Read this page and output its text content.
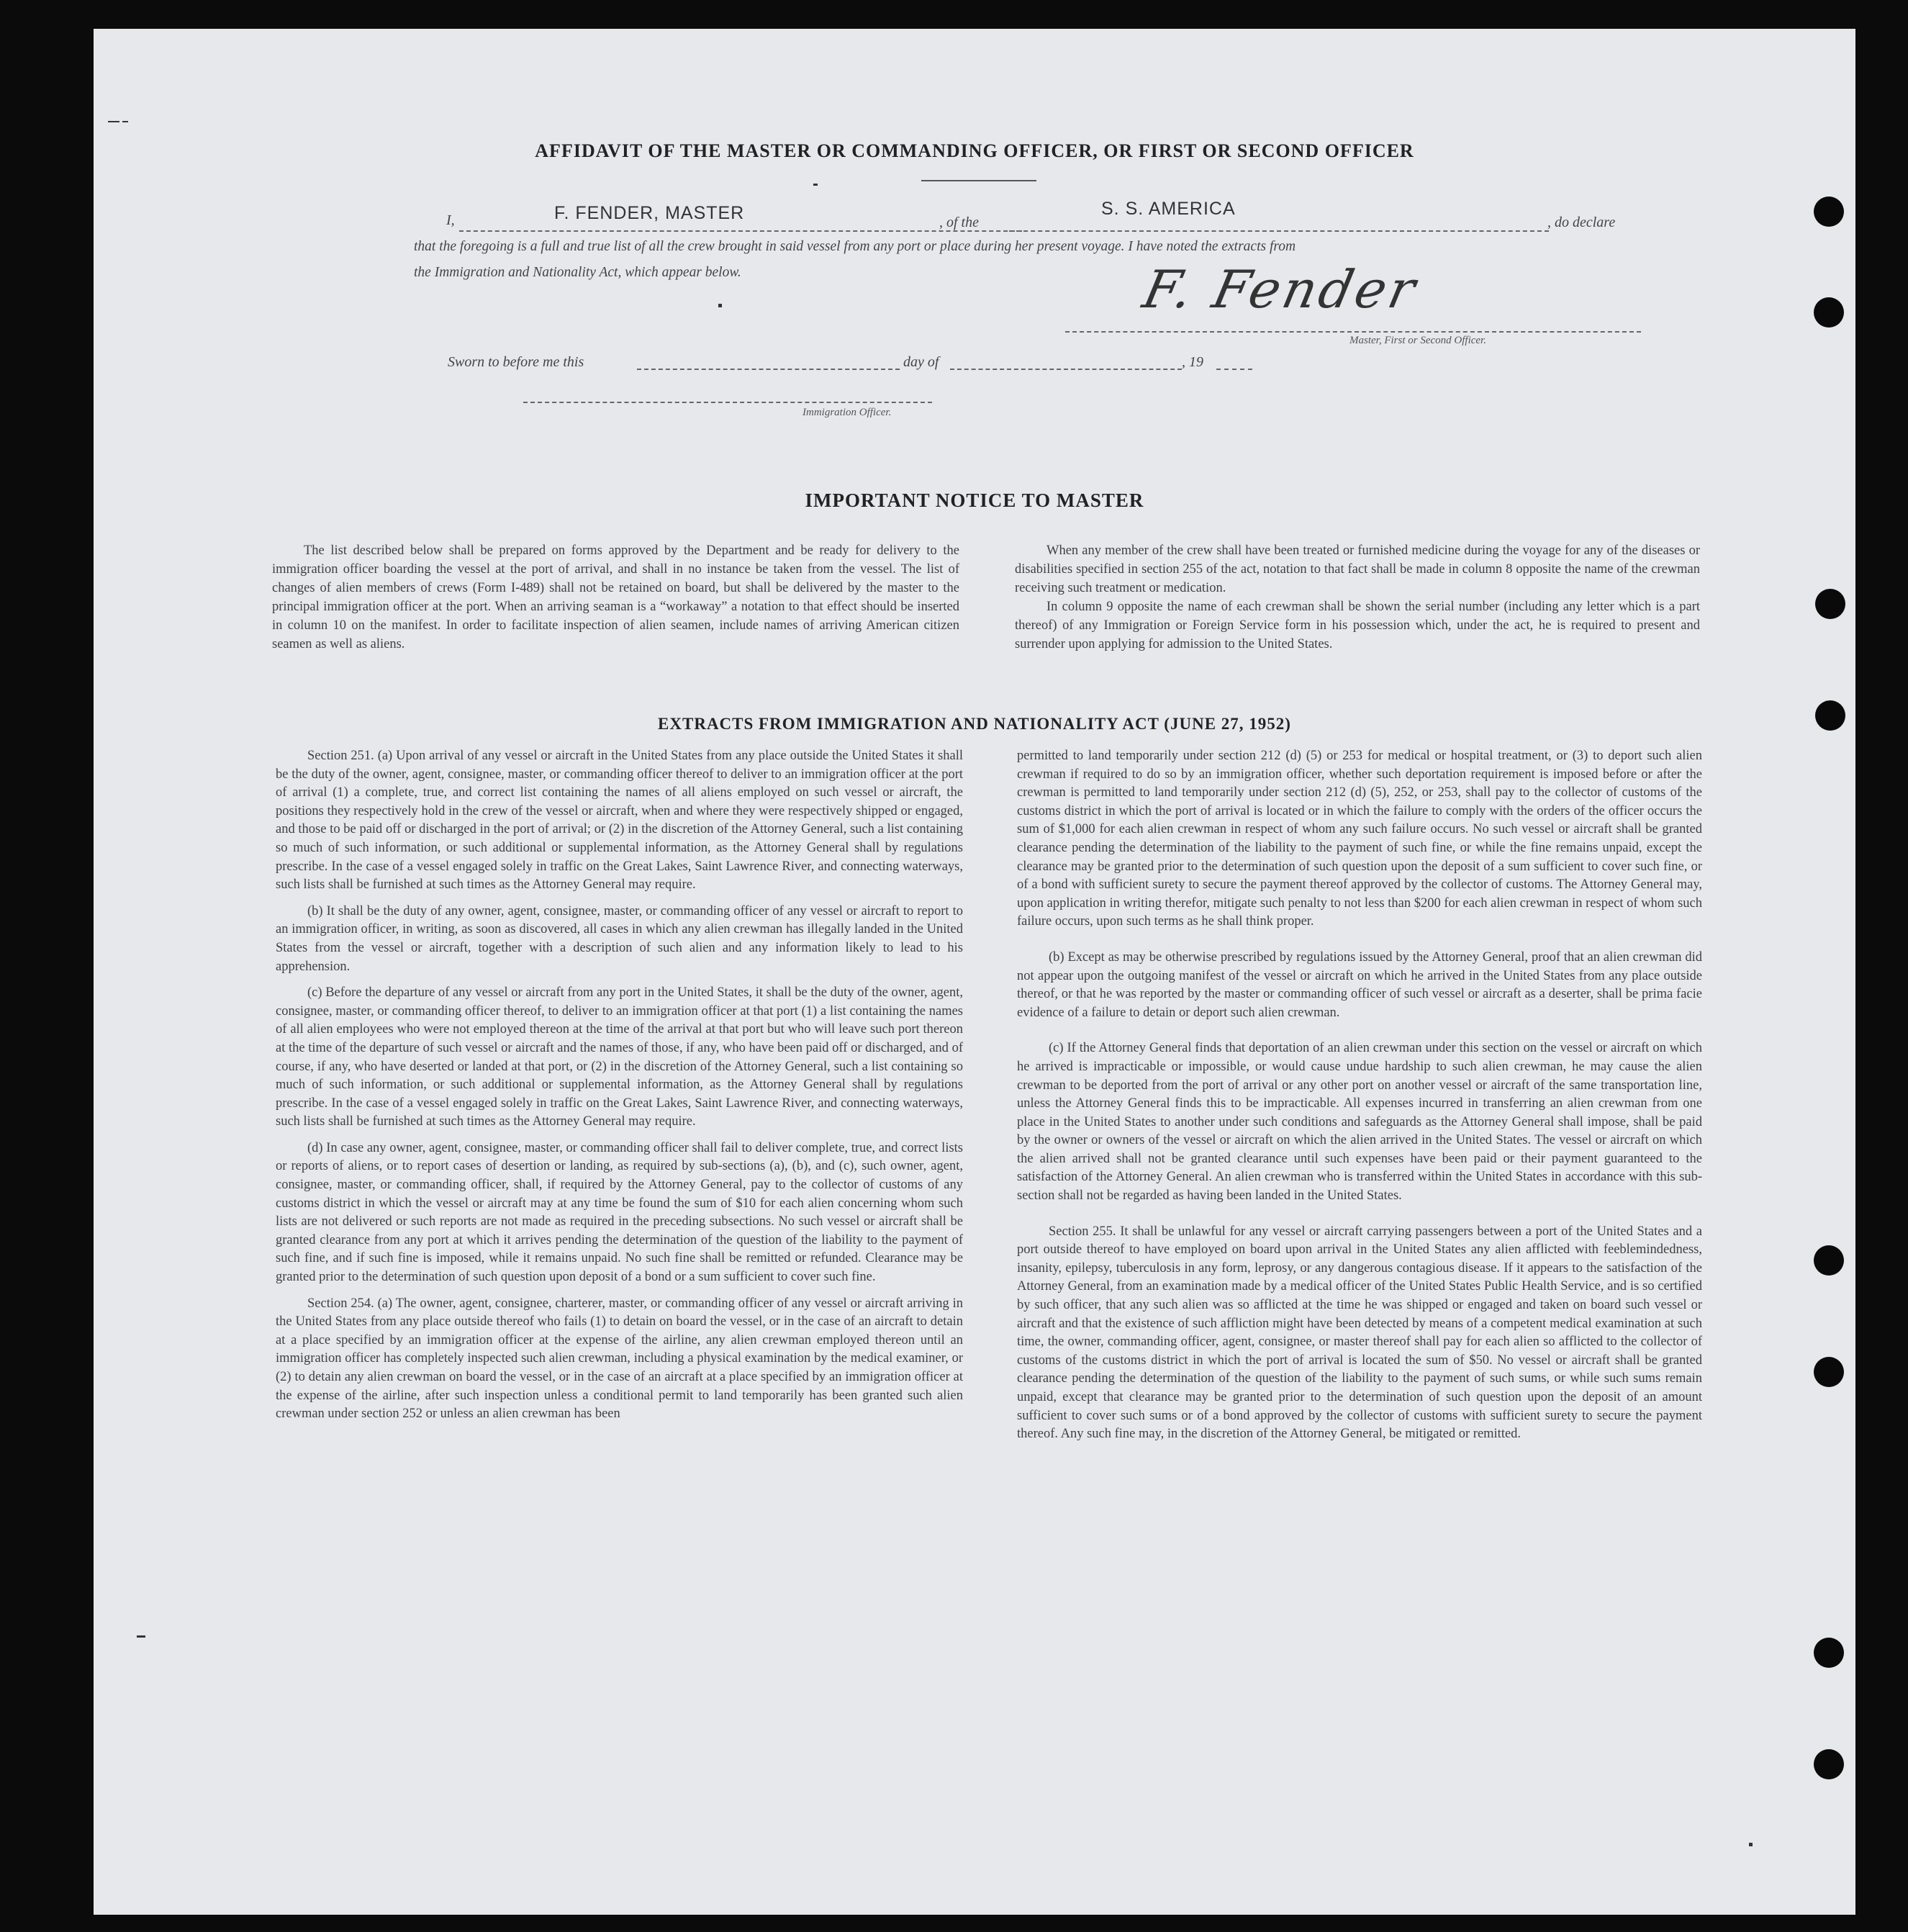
AFFIDAVIT OF THE MASTER OR COMMANDING OFFICER, OR FIRST OR SECOND OFFICER
I,	F. FENDER, MASTER	, of the
S. S. AMERICA
, do declare
that the foregoing is a full and true list of all the crew brought in said vessel from any port or place during her present voyage. I have noted the extracts from
the Immigration and Nationality Act, which appear below.	F. Fender
Master, First or Second Officer.
Sworn to before me this	day of	, 19
Immigration Officer.
IMPORTANT NOTICE TO MASTER

The list described below shall be prepared on forms approved by the Department and be ready for delivery to the immigration officer boarding the vessel at the port of arrival, and shall in no instance be taken from the vessel. The list of changes of alien members of crews (Form I-489) shall not be retained on board, but shall be delivered by the master to the principal immigration officer at the port. When an arriving seaman is a “workaway” a notation to that effect should be inserted in column 10 on the manifest. In order to facilitate inspection of alien seamen, include names of arriving American citizen seamen as well as aliens.

When any member of the crew shall have been treated or furnished medicine during the voyage for any of the diseases or disabilities specified in section 255 of the act, notation to that fact shall be made in column 8 opposite the name of the crewman receiving such treatment or medication.

In column 9 opposite the name of each crewman shall be shown the serial number (including any letter which is a part thereof) of any Immigration or Foreign Service form in his possession which, under the act, he is required to present and surrender upon applying for admission to the United States.

EXTRACTS FROM IMMIGRATION AND NATIONALITY ACT (JUNE 27, 1952)

Section 251. (a) Upon arrival of any vessel or aircraft in the United States from any place outside the United States it shall be the duty of the owner, agent, consignee, master, or commanding officer thereof to deliver to an immigration officer at the port of arrival (1) a complete, true, and correct list containing the names of all aliens employed on such vessel or aircraft, the positions they respectively hold in the crew of the vessel or aircraft, when and where they were respectively shipped or engaged, and those to be paid off or discharged in the port of arrival; or (2) in the discretion of the Attorney General, such a list containing so much of such information, or such additional or supplemental information, as the Attorney General shall by regulations prescribe. In the case of a vessel engaged solely in traffic on the Great Lakes, Saint Lawrence River, and connecting waterways, such lists shall be furnished at such times as the Attorney General may require.

(b) It shall be the duty of any owner, agent, consignee, master, or commanding officer of any vessel or aircraft to report to an immigration officer, in writing, as soon as discovered, all cases in which any alien crewman has illegally landed in the United States from the vessel or aircraft, together with a description of such alien and any information likely to lead to his apprehension.

(c) Before the departure of any vessel or aircraft from any port in the United States, it shall be the duty of the owner, agent, consignee, master, or commanding officer thereof, to deliver to an immigration officer at that port (1) a list containing the names of all alien employees who were not employed thereon at the time of the arrival at that port but who will leave such port thereon at the time of the departure of such vessel or aircraft and the names of those, if any, who have been paid off or discharged, and of course, if any, who have deserted or landed at that port, or (2) in the discretion of the Attorney General, such a list containing so much of such information, or such additional or supplemental information, as the Attorney General shall by regulations prescribe. In the case of a vessel engaged solely in traffic on the Great Lakes, Saint Lawrence River, and connecting waterways, such lists shall be furnished at such times as the Attorney General may require.

(d) In case any owner, agent, consignee, master, or commanding officer shall fail to deliver complete, true, and correct lists or reports of aliens, or to report cases of desertion or landing, as required by sub-sections (a), (b), and (c), such owner, agent, consignee, master, or commanding officer, shall, if required by the Attorney General, pay to the collector of customs of any customs district in which the vessel or aircraft may at any time be found the sum of $10 for each alien concerning whom such lists are not delivered or such reports are not made as required in the preceding subsections. No such vessel or aircraft shall be granted clearance from any port at which it arrives pending the determination of the question of the liability to the payment of such fine, and if such fine is imposed, while it remains unpaid. No such fine shall be remitted or refunded. Clearance may be granted prior to the determination of such question upon deposit of a bond or a sum sufficient to cover such fine.

Section 254. (a) The owner, agent, consignee, charterer, master, or commanding officer of any vessel or aircraft arriving in the United States from any place outside thereof who fails (1) to detain on board the vessel, or in the case of an aircraft to detain at a place specified by an immigration officer at the expense of the airline, any alien crewman employed thereon until an immigration officer has completely inspected such alien crewman, including a physical examination by the medical examiner, or (2) to detain any alien crewman on board the vessel, or in the case of an aircraft at a place specified by an immigration officer at the expense of the airline, after such inspection unless a conditional permit to land temporarily has been granted such alien crewman under section 252 or unless an alien crewman has been

permitted to land temporarily under section 212 (d) (5) or 253 for medical or hospital treatment, or (3) to deport such alien crewman if required to do so by an immigration officer, whether such deportation requirement is imposed before or after the crewman is permitted to land temporarily under section 212 (d) (5), 252, or 253, shall pay to the collector of customs of the customs district in which the port of arrival is located or in which the failure to comply with the orders of the officer occurs the sum of $1,000 for each alien crewman in respect of whom any such failure occurs. No such vessel or aircraft shall be granted clearance pending the determination of the liability to the payment of such fine, or while the fine remains unpaid, except the clearance may be granted prior to the determination of such question upon the deposit of a sum sufficient to cover such fine, or of a bond with sufficient surety to secure the payment thereof approved by the collector of customs. The Attorney General may, upon application in writing therefor, mitigate such penalty to not less than $200 for each alien crewman in respect of whom such failure occurs, upon such terms as he shall think proper.

(b) Except as may be otherwise prescribed by regulations issued by the Attorney General, proof that an alien crewman did not appear upon the outgoing manifest of the vessel or aircraft on which he arrived in the United States from any place outside thereof, or that he was reported by the master or commanding officer of such vessel or aircraft as a deserter, shall be prima facie evidence of a failure to detain or deport such alien crewman.

(c) If the Attorney General finds that deportation of an alien crewman under this section on the vessel or aircraft on which he arrived is impracticable or impossible, or would cause undue hardship to such alien crewman, he may cause the alien crewman to be deported from the port of arrival or any other port on another vessel or aircraft of the same transportation line, unless the Attorney General finds this to be impracticable. All expenses incurred in transferring an alien crewman from one place in the United States to another under such conditions and safeguards as the Attorney General shall impose, shall be paid by the owner or owners of the vessel or aircraft on which the alien arrived in the United States. The vessel or aircraft on which the alien arrived shall not be granted clearance until such expenses have been paid or their payment guaranteed to the satisfaction of the Attorney General. An alien crewman who is transferred within the United States in accordance with this sub-section shall not be regarded as having been landed in the United States.

Section 255. It shall be unlawful for any vessel or aircraft carrying passengers between a port of the United States and a port outside thereof to have employed on board upon arrival in the United States any alien afflicted with feeblemindedness, insanity, epilepsy, tuberculosis in any form, leprosy, or any dangerous contagious disease. If it appears to the satisfaction of the Attorney General, from an examination made by a medical officer of the United States Public Health Service, and is so certified by such officer, that any such alien was so afflicted at the time he was shipped or engaged and taken on board such vessel or aircraft and that the existence of such affliction might have been detected by means of a competent medical examination at such time, the owner, commanding officer, agent, consignee, or master thereof shall pay for each alien so afflicted to the collector of customs of the customs district in which the port of arrival is located the sum of $50. No vessel or aircraft shall be granted clearance pending the determination of the question of the liability to the payment of such sums, or while such sums remain unpaid, except that clearance may be granted prior to the determination of such question upon the deposit of an amount sufficient to cover such sums or of a bond approved by the collector of customs with sufficient surety to secure the payment thereof. Any such fine may, in the discretion of the Attorney General, be mitigated or remitted.
